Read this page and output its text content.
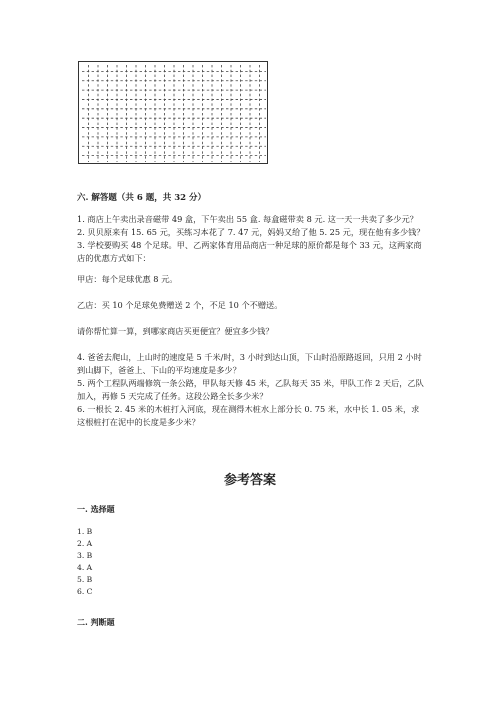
六. 解答题（共 6 题，共 32 分）

1. 商店上午卖出录音磁带 49 盒，下午卖出 55 盒. 每盒磁带卖 8 元. 这一天一共卖了多少元？

2. 贝贝原来有 15. 65 元，买练习本花了 7. 47 元，妈妈又给了他 5. 25 元，现在他有多少钱？

3. 学校要购买 48 个足球。甲、乙两家体育用品商店一种足球的原价都是每个 33 元，这两家商店的优惠方式如下：

甲店：每个足球优惠 8 元。

乙店：买 10 个足球免费赠送 2 个，不足 10 个不赠送。

请你帮忙算一算，到哪家商店买更便宜？便宜多少钱？

4. 爸爸去爬山，上山时的速度是 5 千米/时，3 小时到达山顶，下山时沿原路返回，只用 2 小时到山脚下，爸爸上、下山的平均速度是多少？

5. 两个工程队两端修筑一条公路，甲队每天修 45 米，乙队每天 35 米，甲队工作 2 天后，乙队加入，再修 5 天完成了任务。这段公路全长多少米？

6. 一根长 2. 45 米的木桩打入河底，现在测得木桩水上部分长 0. 75 米，水中长 1. 05 米，求这根桩打在泥中的长度是多少米？

参考答案
一. 选择题
1. B
2. A
3. B
4. A
5. B
6. C
二. 判断题
